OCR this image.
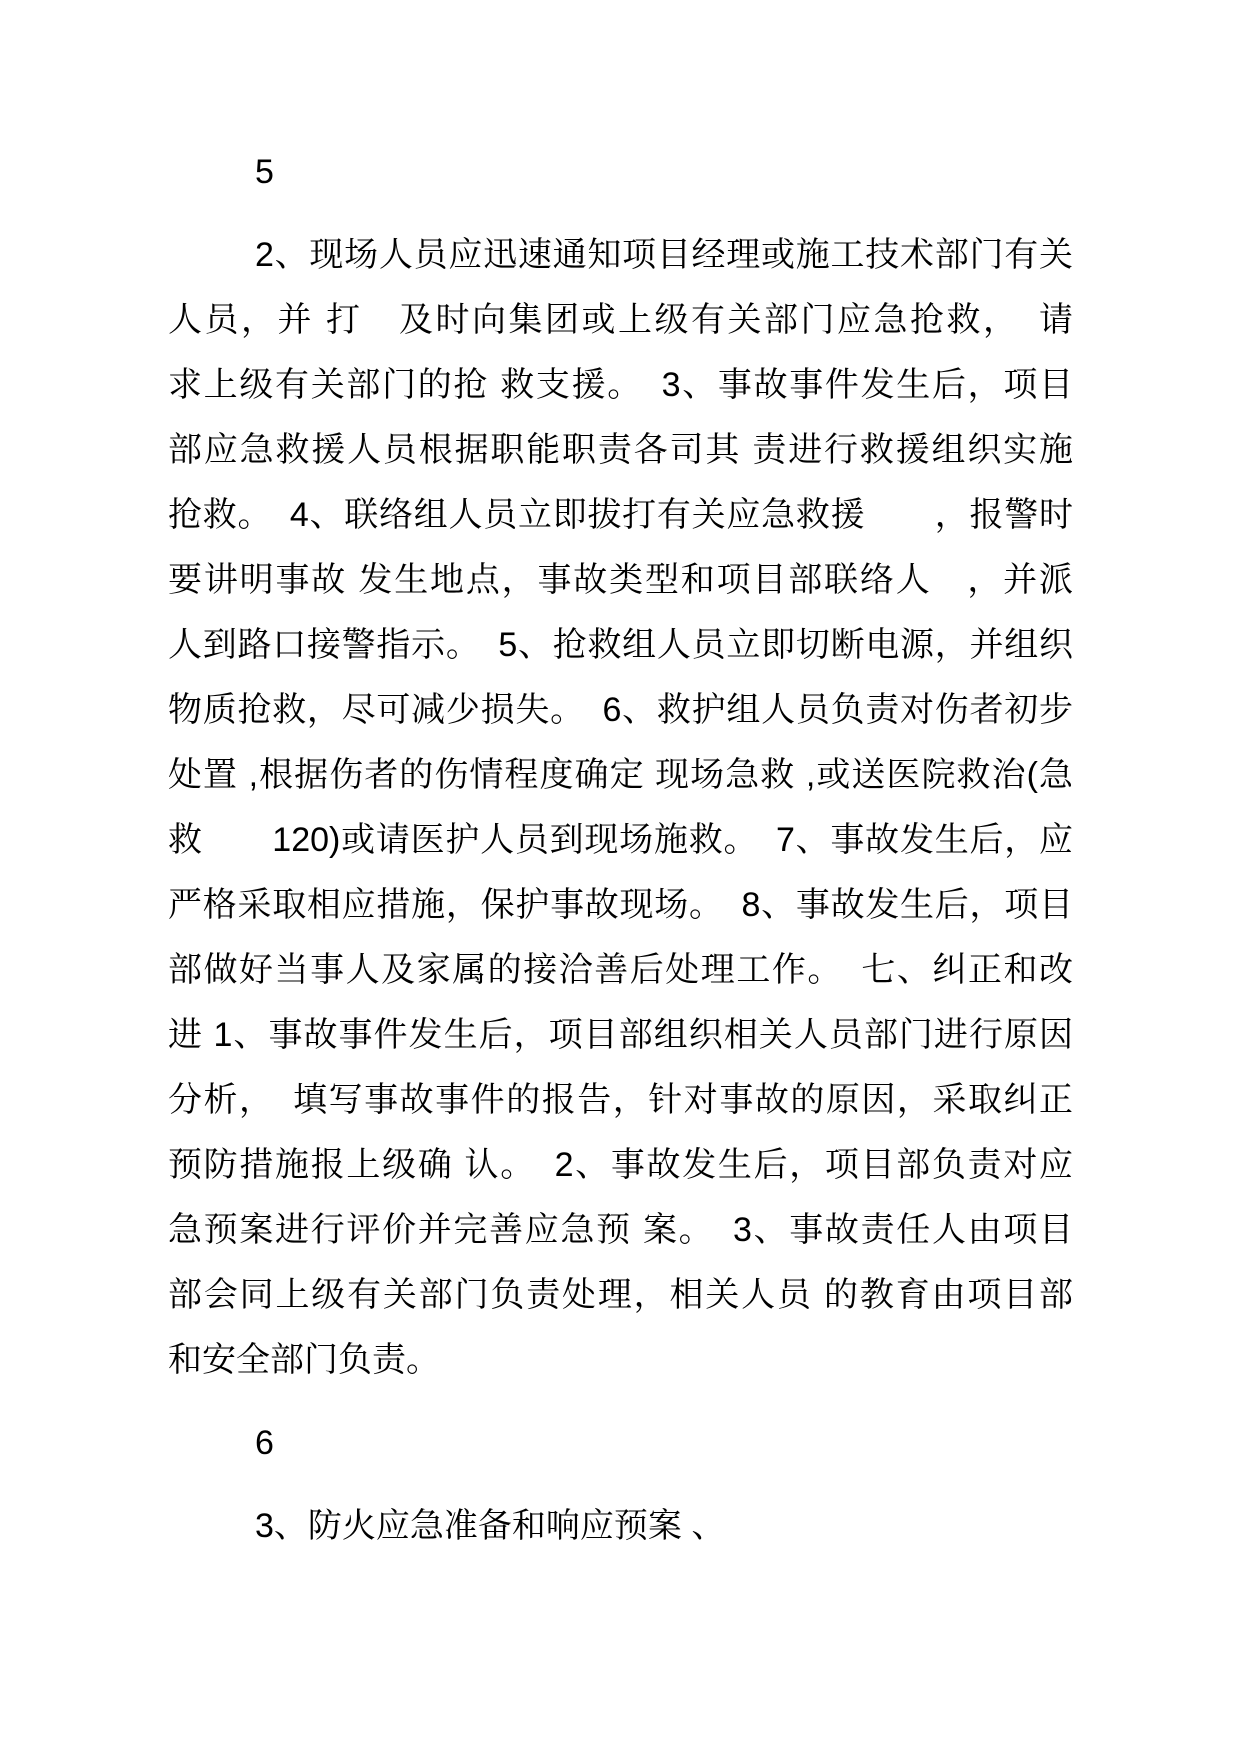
5
2、现场人员应迅速通知项目经理或施工技术部门有关
人员，并 打　及时向集团或上级有关部门应急抢救，　请
求上级有关部门的抢 救支援。　3、事故事件发生后，项目
部应急救援人员根据职能职责各司其 责进行救援组织实施
抢救。　4、联络组人员立即拔打有关应急救援　　，报警时
要讲明事故 发生地点，事故类型和项目部联络人　，并派
人到路口接警指示。　5、抢救组人员立即切断电源，并组织
物质抢救，尽可减少损失。　6、救护组人员负责对伤者初步
处置 ,根据伤者的伤情程度确定 现场急救 ,或送医院救治(急
救　　120)或请医护人员到现场施救。　7、事故发生后，应
严格采取相应措施，保护事故现场。　8、事故发生后，项目
部做好当事人及家属的接洽善后处理工作。　七、纠正和改
进 1、事故事件发生后，项目部组织相关人员部门进行原因
分析，　填写事故事件的报告，针对事故的原因，采取纠正
预防措施报上级确 认。　2、事故发生后，项目部负责对应
急预案进行评价并完善应急预 案。　3、事故责任人由项目
部会同上级有关部门负责处理，相关人员 的教育由项目部
和安全部门负责。
6
3、防火应急准备和响应预案 、
